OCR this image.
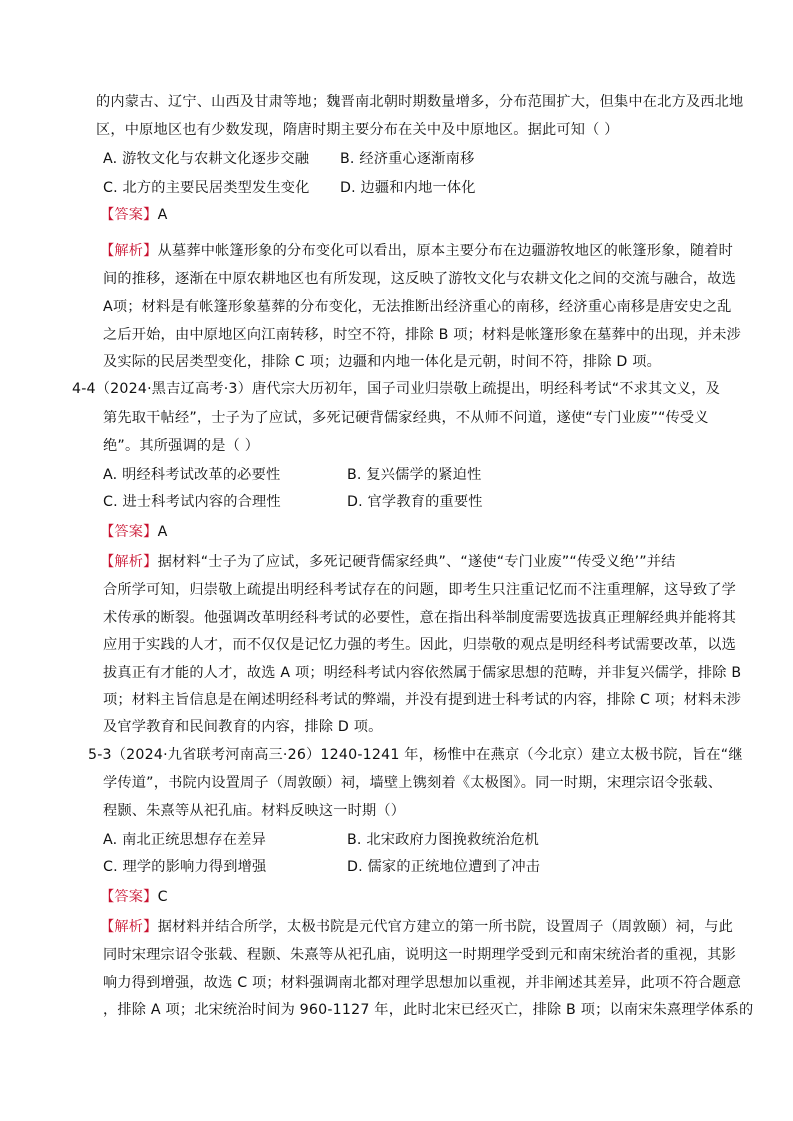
的内蒙古、辽宁、山西及甘肃等地；魏晋南北朝时期数量增多，分布范围扩大，但集中在北方及西北地
区，中原地区也有少数发现，隋唐时期主要分布在关中及中原地区。据此可知（ ）
A. 游牧文化与农耕文化逐步交融 B. 经济重心逐渐南移
C. 北方的主要民居类型发生变化 D. 边疆和内地一体化
【答案】A
【解析】从墓葬中帐篷形象的分布变化可以看出，原本主要分布在边疆游牧地区的帐篷形象，随着时
间的推移，逐渐在中原农耕地区也有所发现，这反映了游牧文化与农耕文化之间的交流与融合，故选
A项；材料是有帐篷形象墓葬的分布变化，无法推断出经济重心的南移，经济重心南移是唐安史之乱
之后开始，由中原地区向江南转移，时空不符，排除 B 项；材料是帐篷形象在墓葬中的出现，并未涉
及实际的民居类型变化，排除 C 项；边疆和内地一体化是元朝，时间不符，排除 D 项。
4-4（2024·黑吉辽高考·3）唐代宗大历初年，国子司业归崇敬上疏提出，明经科考试“不求其文义，及
第先取干帖经”，士子为了应试，多死记硬背儒家经典，不从师不问道，遂使“专门业废”“传受义
绝”。其所强调的是（ ）
A. 明经科考试改革的必要性	B. 复兴儒学的紧迫性
C. 进士科考试内容的合理性	D. 官学教育的重要性
【答案】A
【解析】据材料“士子为了应试，多死记硬背儒家经典”、“遂使“专门业废”“传受义绝’”并结
合所学可知，归崇敬上疏提出明经科考试存在的问题，即考生只注重记忆而不注重理解，这导致了学
术传承的断裂。他强调改革明经科考试的必要性，意在指出科举制度需要选拔真正理解经典并能将其
应用于实践的人才，而不仅仅是记忆力强的考生。因此，归崇敬的观点是明经科考试需要改革，以选
拔真正有才能的人才，故选 A 项；明经科考试内容依然属于儒家思想的范畴，并非复兴儒学，排除 B
项；材料主旨信息是在阐述明经科考试的弊端，并没有提到进士科考试的内容，排除 C 项；材料未涉
及官学教育和民间教育的内容，排除 D 项。
5-3（2024·九省联考河南高三·26）1240-1241 年，杨惟中在燕京（今北京）建立太极书院，旨在“继
学传道”，书院内设置周子（周敦颐）祠，墙壁上镌刻着《太极图》。同一时期，宋理宗诏令张载、
程颢、朱熹等从祀孔庙。材料反映这一时期（）
A. 南北正统思想存在差异	B. 北宋政府力图挽救统治危机
C. 理学的影响力得到增强	D. 儒家的正统地位遭到了冲击
【答案】C
【解析】据材料并结合所学，太极书院是元代官方建立的第一所书院，设置周子（周敦颐）祠，与此
同时宋理宗诏令张载、程颢、朱熹等从祀孔庙，说明这一时期理学受到元和南宋统治者的重视，其影
响力得到增强，故选 C 项；材料强调南北都对理学思想加以重视，并非阐述其差异，此项不符合题意
，排除 A 项；北宋统治时间为 960-1127 年，此时北宋已经灭亡，排除 B 项；以南宋朱熹理学体系的
